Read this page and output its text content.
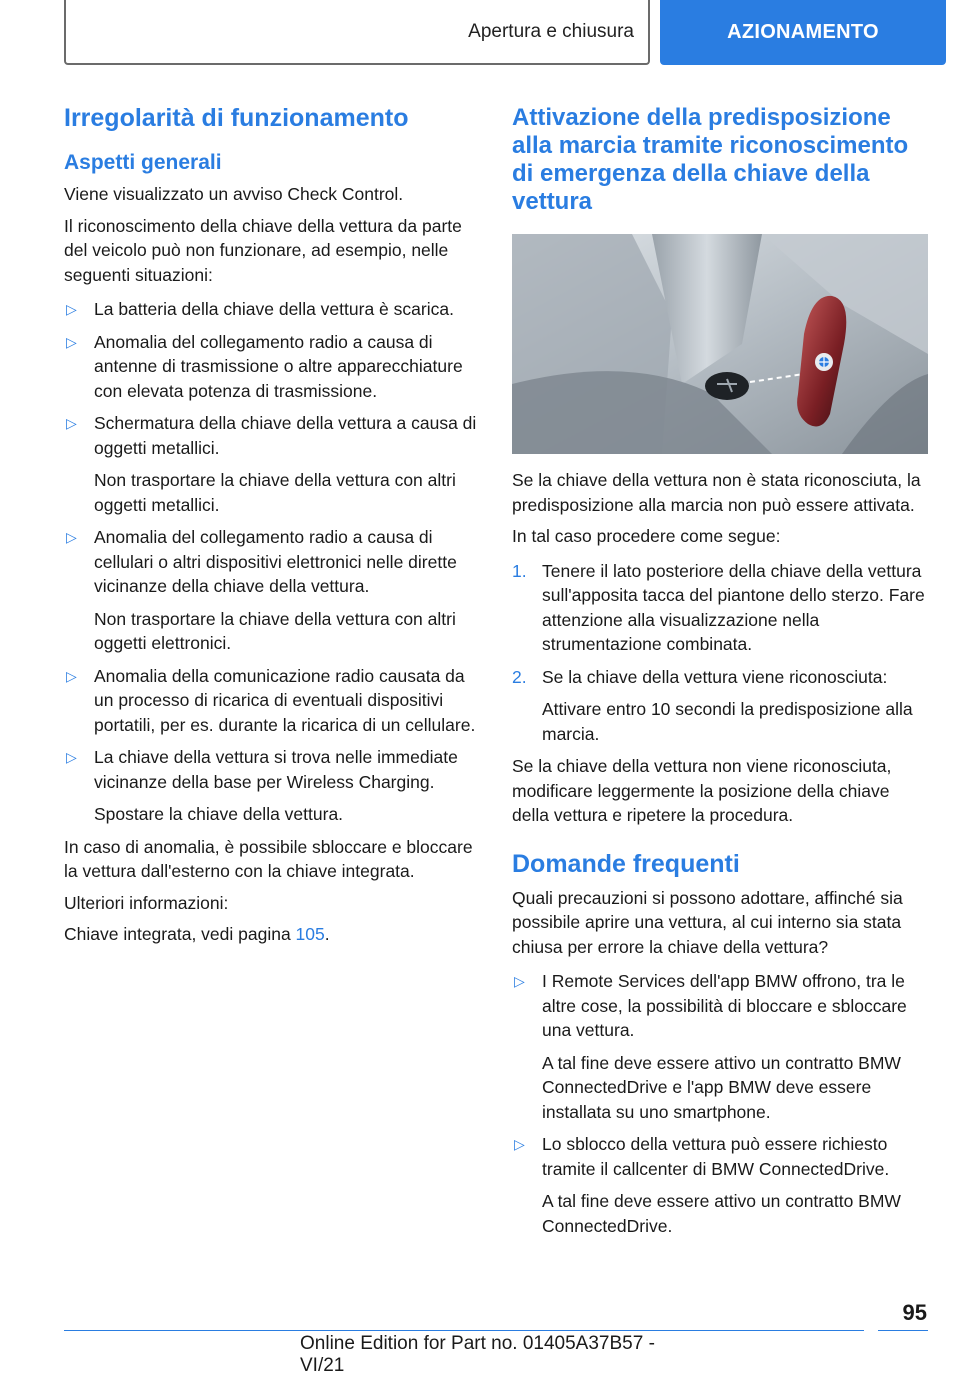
Apertura e chiusura	AZIONAMENTO
Irregolarità di funzionamento
Aspetti generali

Viene visualizzato un avviso Check Control.

Il riconoscimento della chiave della vettura da parte del veicolo può non funzionare, ad esempio, nelle seguenti situazioni:

▷ La batteria della chiave della vettura è scarica.
▷ Anomalia del collegamento radio a causa di antenne di trasmissione o altre apparecchiature con elevata potenza di trasmissione.
▷ Schermatura della chiave della vettura a causa di oggetti metallici.
Non trasportare la chiave della vettura con altri oggetti metallici.
▷ Anomalia del collegamento radio a causa di cellulari o altri dispositivi elettronici nelle dirette vicinanze della chiave della vettura.
Non trasportare la chiave della vettura con altri oggetti elettronici.
▷ Anomalia della comunicazione radio causata da un processo di ricarica di eventuali dispositivi portatili, per es. durante la ricarica di un cellulare.
▷ La chiave della vettura si trova nelle immediate vicinanze della base per Wireless Charging.
Spostare la chiave della vettura.

In caso di anomalia, è possibile sbloccare e bloccare la vettura dall'esterno con la chiave integrata.

Ulteriori informazioni:

Chiave integrata, vedi pagina 105.

Attivazione della predisposizione alla marcia tramite riconoscimento di emergenza della chiave della vettura

Se la chiave della vettura non è stata riconosciuta, la predisposizione alla marcia non può essere attivata.

In tal caso procedere come segue:

1. Tenere il lato posteriore della chiave della vettura sull'apposita tacca del piantone dello sterzo. Fare attenzione alla visualizzazione nella strumentazione combinata.
2. Se la chiave della vettura viene riconosciuta:
Attivare entro 10 secondi la predisposizione alla marcia.

Se la chiave della vettura non viene riconosciuta, modificare leggermente la posizione della chiave della vettura e ripetere la procedura.

Domande frequenti

Quali precauzioni si possono adottare, affinché sia possibile aprire una vettura, al cui interno sia stata chiusa per errore la chiave della vettura?

▷ I Remote Services dell'app BMW offrono, tra le altre cose, la possibilità di bloccare e sbloccare una vettura.
A tal fine deve essere attivo un contratto BMW ConnectedDrive e l'app BMW deve essere installata su uno smartphone.
▷ Lo sblocco della vettura può essere richiesto tramite il callcenter di BMW ConnectedDrive.
A tal fine deve essere attivo un contratto BMW ConnectedDrive.
95
Online Edition for Part no. 01405A37B57 - VI/21
